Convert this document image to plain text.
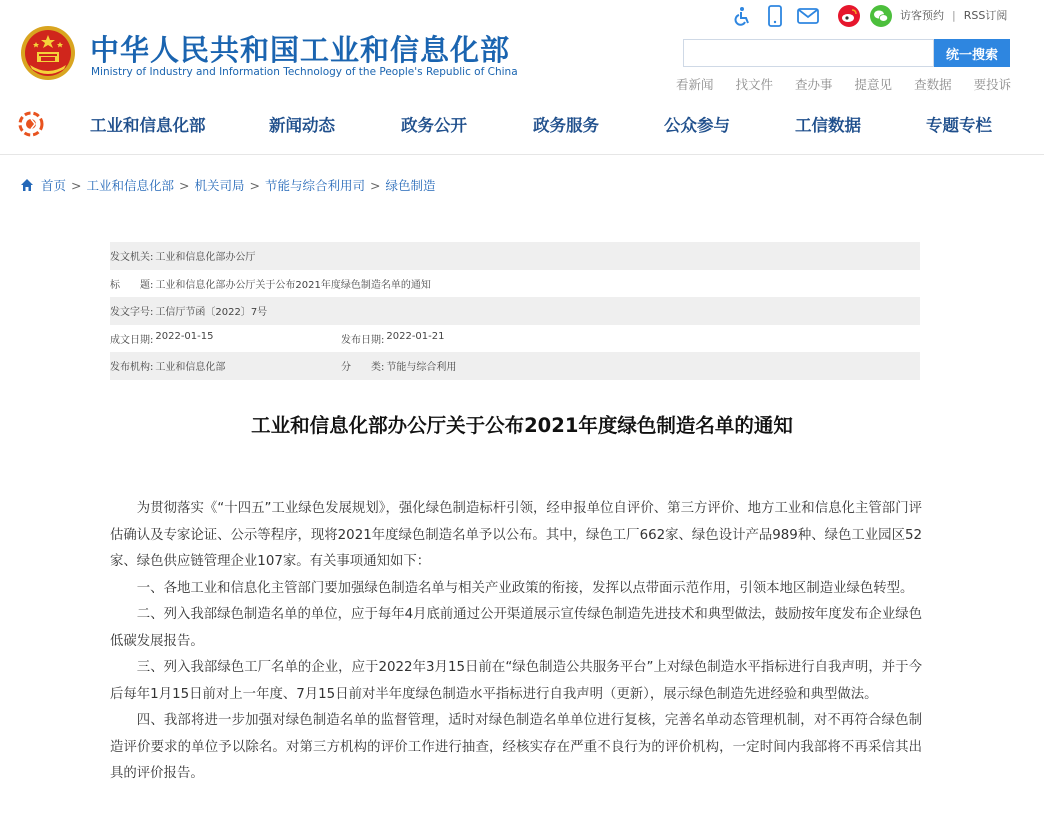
中华人民共和国工业和信息化部
Ministry of Industry and Information Technology of the People's Republic of China
访客预约 | RSS订阅
统一搜索
看新闻 找文件 查办事 提意见 查数据 要投诉
工业和信息化部	新闻动态	政务公开	政务服务	公众参与	工信数据	专题专栏
首页 > 工业和信息化部 > 机关司局 > 节能与综合利用司 > 绿色制造
发文机关: 工业和信息化部办公厅
标　　题: 工业和信息化部办公厅关于公布2021年度绿色制造名单的通知
发文字号: 工信厅节函〔2022〕7号
成文日期: 2022-01-15	发布日期: 2022-01-21
发布机构: 工业和信息化部	分　　类: 节能与综合利用
工业和信息化部办公厅关于公布2021年度绿色制造名单的通知

为贯彻落实《“十四五”工业绿色发展规划》，强化绿色制造标杆引领，经申报单位自评价、第三方评价、地方工业和信息化主管部门评估确认及专家论证、公示等程序，现将2021年度绿色制造名单予以公布。其中，绿色工厂662家、绿色设计产品989种、绿色工业园区52家、绿色供应链管理企业107家。有关事项通知如下：

一、各地工业和信息化主管部门要加强绿色制造名单与相关产业政策的衔接，发挥以点带面示范作用，引领本地区制造业绿色转型。

二、列入我部绿色制造名单的单位，应于每年4月底前通过公开渠道展示宣传绿色制造先进技术和典型做法，鼓励按年度发布企业绿色低碳发展报告。

三、列入我部绿色工厂名单的企业，应于2022年3月15日前在“绿色制造公共服务平台”上对绿色制造水平指标进行自我声明，并于今后每年1月15日前对上一年度、7月15日前对半年度绿色制造水平指标进行自我声明（更新），展示绿色制造先进经验和典型做法。

四、我部将进一步加强对绿色制造名单的监督管理，适时对绿色制造名单单位进行复核，完善名单动态管理机制，对不再符合绿色制造评价要求的单位予以除名。对第三方机构的评价工作进行抽查，经核实存在严重不良行为的评价机构，一定时间内我部将不再采信其出具的评价报告。
